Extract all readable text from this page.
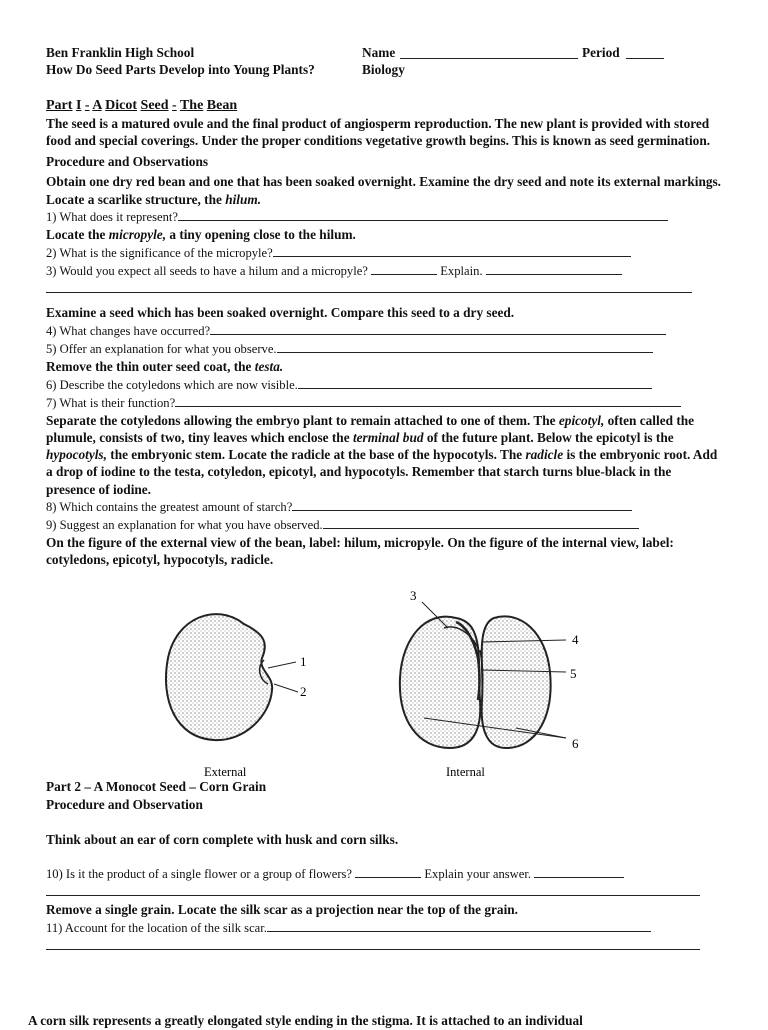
Ben Franklin High School	Name	Period
How Do Seed Parts Develop into Young Plants?	Biology
Part I - A Dicot Seed - The Bean
The seed is a matured ovule and the final product of angiosperm reproduction. The new plant is provided with stored food and special coverings. Under the proper conditions vegetative growth begins. This is known as seed germination.
Procedure and Observations
Obtain one dry red bean and one that has been soaked overnight. Examine the dry seed and note its external markings. Locate a scarlike structure, the hilum.
1) What does it represent?
Locate the micropyle, a tiny opening close to the hilum.
2) What is the significance of the micropyle?
3) Would you expect all seeds to have a hilum and a micropyle?	Explain.
Examine a seed which has been soaked overnight. Compare this seed to a dry seed.
4) What changes have occurred?
5) Offer an explanation for what you observe.
Remove the thin outer seed coat, the testa.
6) Describe the cotyledons which are now visible.
7) What is their function?
Separate the cotyledons allowing the embryo plant to remain attached to one of them. The epicotyl, often called the plumule, consists of two, tiny leaves which enclose the terminal bud of the future plant. Below the epicotyl is the hypocotyls, the embryonic stem. Locate the radicle at the base of the hypocotyls. The radicle is the embryonic root. Add a drop of iodine to the testa, cotyledon, epicotyl, and hypocotyls. Remember that starch turns blue-black in the presence of iodine.
8) Which contains the greatest amount of starch?
9) Suggest an explanation for what you have observed.
On the figure of the external view of the bean, label: hilum, micropyle. On the figure of the internal view, label: cotyledons, epicotyl, hypocotyls, radicle.
1
2
3
4
5
6
External	Internal
Part 2 – A Monocot Seed – Corn Grain
Procedure and Observation
Think about an ear of corn complete with husk and corn silks.
10) Is it the product of a single flower or a group of flowers?	Explain your answer.
Remove a single grain. Locate the silk scar as a projection near the top of the grain.
11) Account for the location of the silk scar.
A corn silk represents a greatly elongated style ending in the stigma. It is attached to an individual
